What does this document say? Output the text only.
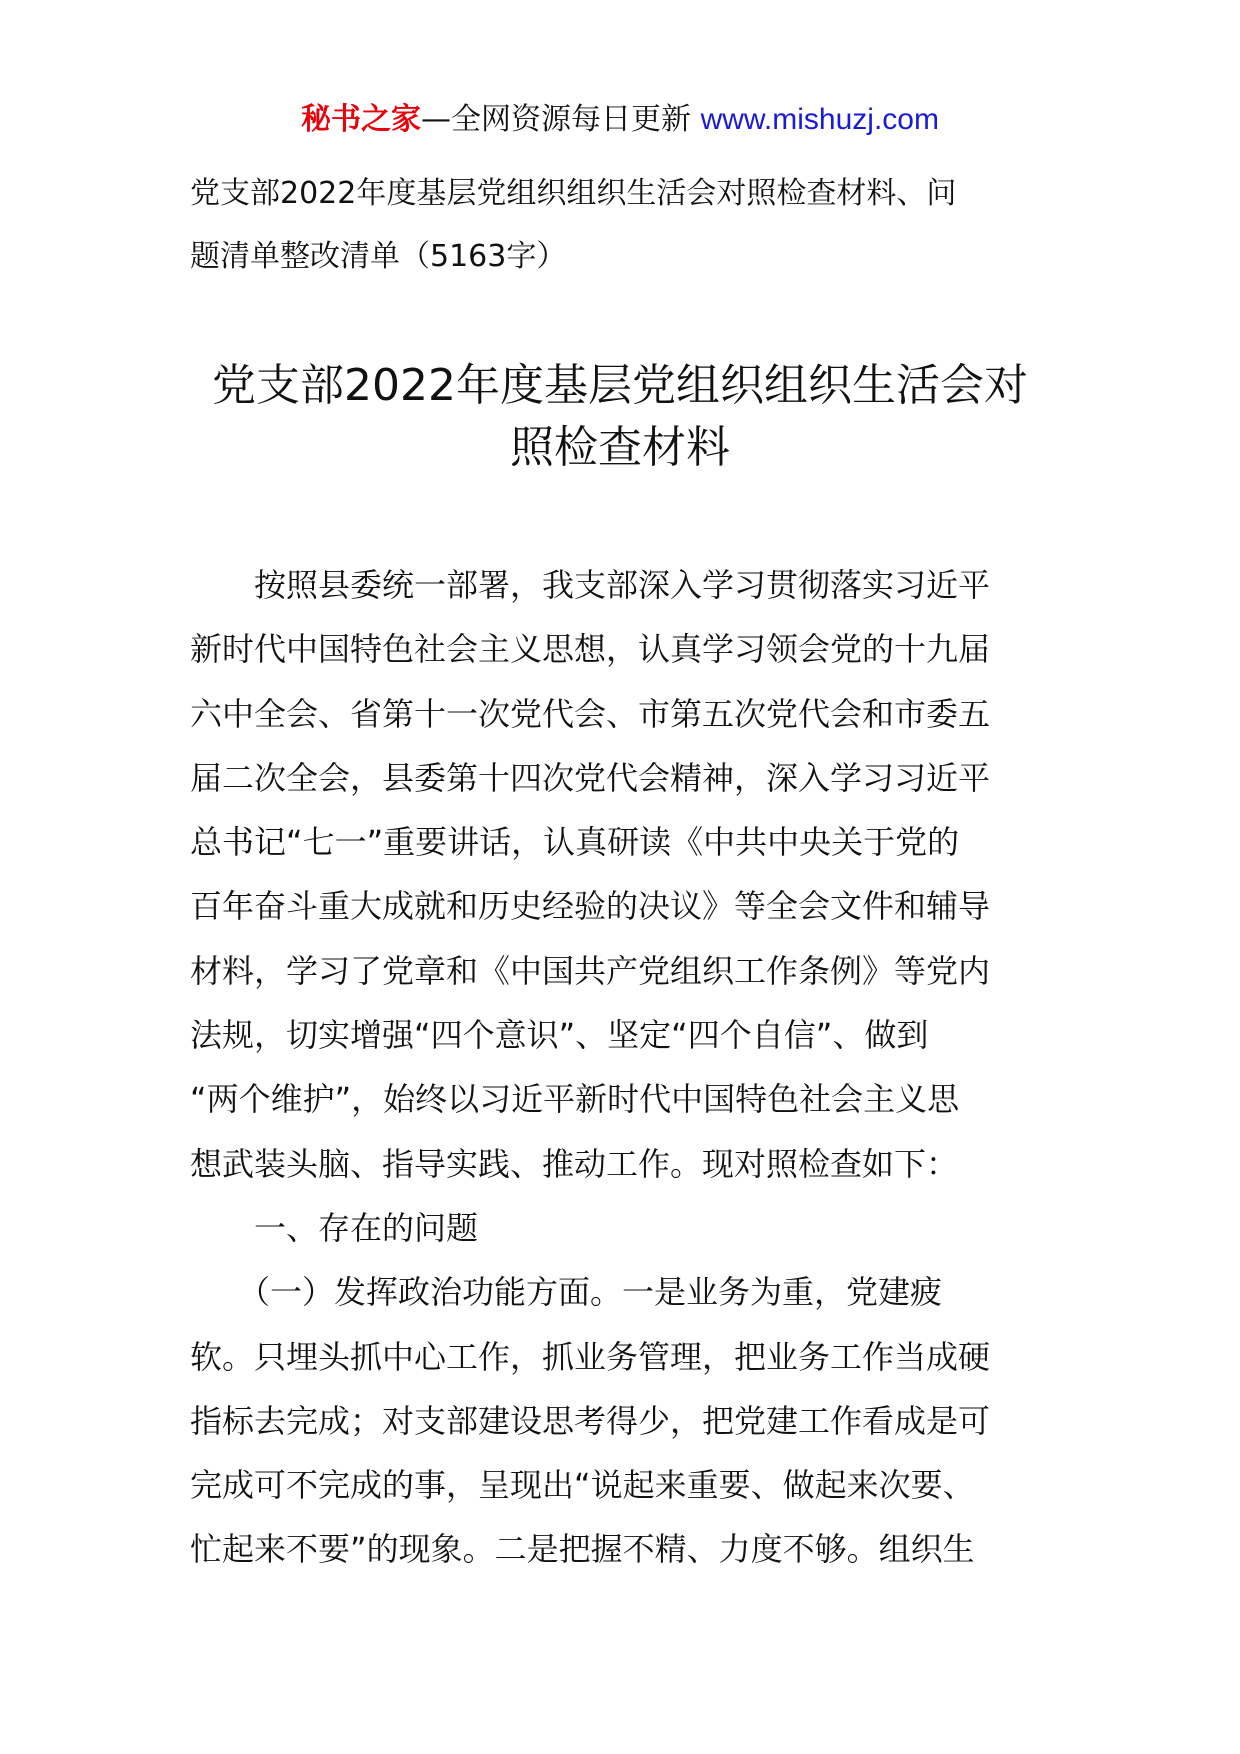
秘书之家—全网资源每日更新 www.mishuzj.com
党支部2022年度基层党组织组织生活会对照检查材料、问
题清单整改清单（5163字）
党支部2022年度基层党组织组织生活会对
照检查材料
　　按照县委统一部署，我支部深入学习贯彻落实习近平
新时代中国特色社会主义思想，认真学习领会党的十九届
六中全会、省第十一次党代会、市第五次党代会和市委五
届二次全会，县委第十四次党代会精神，深入学习习近平
总书记“七一”重要讲话，认真研读《中共中央关于党的
百年奋斗重大成就和历史经验的决议》等全会文件和辅导
材料，学习了党章和《中国共产党组织工作条例》等党内
法规，切实增强“四个意识”、坚定“四个自信”、做到
“两个维护”，始终以习近平新时代中国特色社会主义思
想武装头脑、指导实践、推动工作。现对照检查如下：
　　一、存在的问题
　　（一）发挥政治功能方面。一是业务为重，党建疲
软。只埋头抓中心工作，抓业务管理，把业务工作当成硬
指标去完成；对支部建设思考得少，把党建工作看成是可
完成可不完成的事，呈现出“说起来重要、做起来次要、
忙起来不要”的现象。二是把握不精、力度不够。组织生
